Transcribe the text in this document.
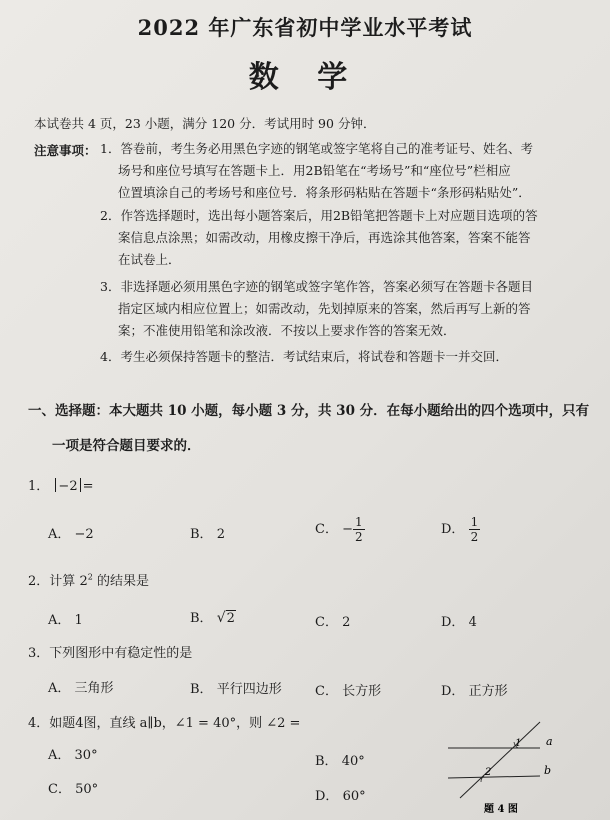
2022 年广东省初中学业水平考试
数 学
本试卷共 4 页，23 小题，满分 120 分．考试用时 90 分钟．
注意事项： 1．答卷前，考生务必用黑色字迹的钢笔或签字笔将自己的准考证号、姓名、考
场号和座位号填写在答题卡上．用2B铅笔在“考场号”和“座位号”栏相应
位置填涂自己的考场号和座位号．将条形码粘贴在答题卡“条形码粘贴处”．
2．作答选择题时，选出每小题答案后，用2B铅笔把答题卡上对应题目选项的答
案信息点涂黑；如需改动，用橡皮擦干净后，再选涂其他答案，答案不能答
在试卷上．
3．非选择题必须用黑色字迹的钢笔或签字笔作答，答案必须写在答题卡各题目
指定区域内相应位置上；如需改动，先划掉原来的答案，然后再写上新的答
案；不准使用铅笔和涂改液．不按以上要求作答的答案无效．
4．考生必须保持答题卡的整洁．考试结束后，将试卷和答题卡一并交回．
一、选择题：本大题共 10 小题，每小题 3 分，共 30 分．在每小题给出的四个选项中，只有
一项是符合题目要求的．
1． −2 =
A． −2	B． 2	C． − $\frac{1}{2}$	D． $\frac{1}{2}$
2．计算 $2^2$ 的结果是
A． 1	B． √2	C． 2	D． 4
3．下列图形中有稳定性的是
A． 三角形	B． 平行四边形	C． 长方形	D． 正方形
4．如题4图，直线 a∥b，∠1 = 40°，则 ∠2 =
A． 30°	B． 40°
C． 50°	D． 60°
1
2
a
b
题 4 图
